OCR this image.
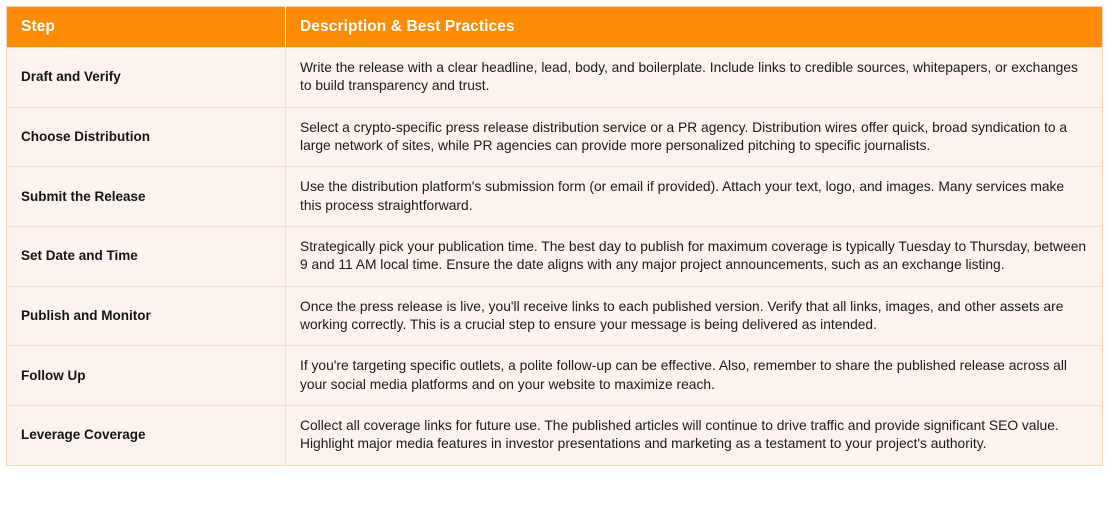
Step	Description & Best Practices
Draft and Verify	Write the release with a clear headline, lead, body, and boilerplate. Include links to credible sources, whitepapers, or exchanges to build transparency and trust.
Choose Distribution	Select a crypto-specific press release distribution service or a PR agency. Distribution wires offer quick, broad syndication to a large network of sites, while PR agencies can provide more personalized pitching to specific journalists.
Submit the Release	Use the distribution platform's submission form (or email if provided). Attach your text, logo, and images. Many services make this process straightforward.
Set Date and Time	Strategically pick your publication time. The best day to publish for maximum coverage is typically Tuesday to Thursday, between 9 and 11 AM local time. Ensure the date aligns with any major project announcements, such as an exchange listing.
Publish and Monitor	Once the press release is live, you'll receive links to each published version. Verify that all links, images, and other assets are working correctly. This is a crucial step to ensure your message is being delivered as intended.
Follow Up	If you're targeting specific outlets, a polite follow-up can be effective. Also, remember to share the published release across all your social media platforms and on your website to maximize reach.
Leverage Coverage	Collect all coverage links for future use. The published articles will continue to drive traffic and provide significant SEO value. Highlight major media features in investor presentations and marketing as a testament to your project's authority.
